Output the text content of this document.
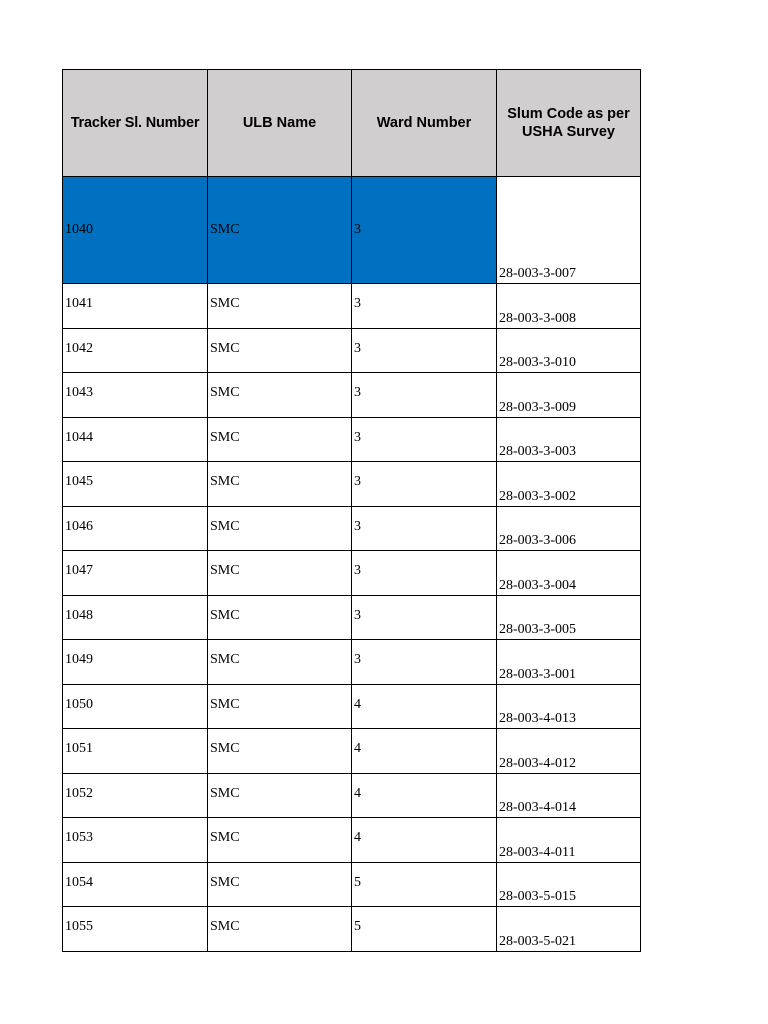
Tracker Sl. Number	ULB Name	Ward Number	Slum Code as per USHA Survey
1040	SMC	3	28-003-3-007
1041	SMC	3	28-003-3-008
1042	SMC	3	28-003-3-010
1043	SMC	3	28-003-3-009
1044	SMC	3	28-003-3-003
1045	SMC	3	28-003-3-002
1046	SMC	3	28-003-3-006
1047	SMC	3	28-003-3-004
1048	SMC	3	28-003-3-005
1049	SMC	3	28-003-3-001
1050	SMC	4	28-003-4-013
1051	SMC	4	28-003-4-012
1052	SMC	4	28-003-4-014
1053	SMC	4	28-003-4-011
1054	SMC	5	28-003-5-015
1055	SMC	5	28-003-5-021
